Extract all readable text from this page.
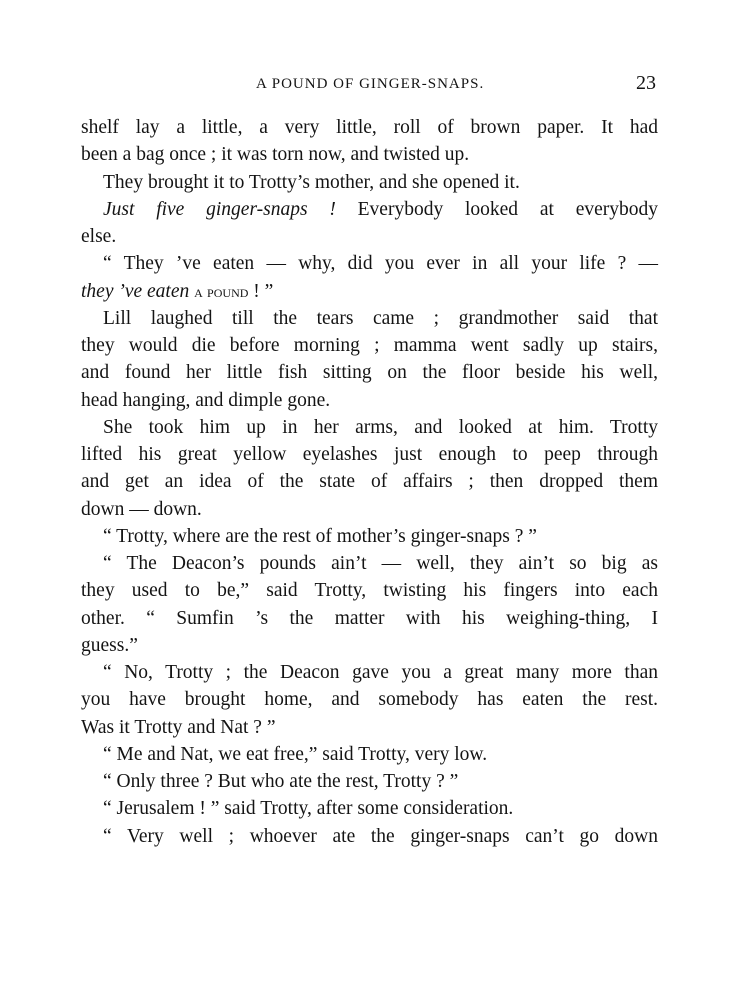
A POUND OF GINGER-SNAPS.	23
shelf lay a little, a very little, roll of brown paper. It had
been a bag once ; it was torn now, and twisted up.
They brought it to Trotty’s mother, and she opened it.
Just five ginger-snaps ! Everybody looked at everybody
else.
“ They ’ve eaten — why, did you ever in all your life ? —
they ’ve eaten a pound ! ”
Lill laughed till the tears came ; grandmother said that
they would die before morning ; mamma went sadly up stairs,
and found her little fish sitting on the floor beside his well,
head hanging, and dimple gone.
She took him up in her arms, and looked at him. Trotty
lifted his great yellow eyelashes just enough to peep through
and get an idea of the state of affairs ; then dropped them
down — down.
“ Trotty, where are the rest of mother’s ginger-snaps ? ”
“ The Deacon’s pounds ain’t — well, they ain’t so big as
they used to be,” said Trotty, twisting his fingers into each
other. “ Sumfin ’s the matter with his weighing-thing, I
guess.”
“ No, Trotty ; the Deacon gave you a great many more than
you have brought home, and somebody has eaten the rest.
Was it Trotty and Nat ? ”
“ Me and Nat, we eat free,” said Trotty, very low.
“ Only three ? But who ate the rest, Trotty ? ”
“ Jerusalem ! ” said Trotty, after some consideration.
“ Very well ; whoever ate the ginger-snaps can’t go down
